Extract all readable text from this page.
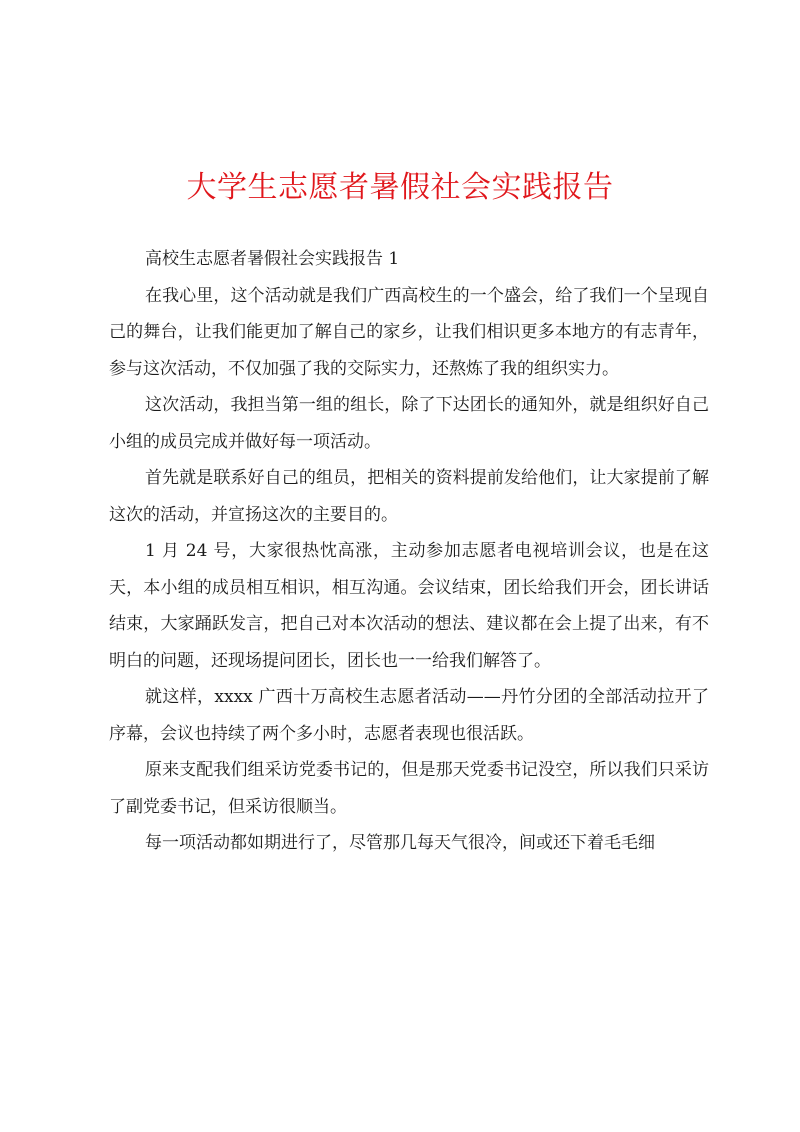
大学生志愿者暑假社会实践报告

高校生志愿者暑假社会实践报告 1

在我心里，这个活动就是我们广西高校生的一个盛会，给了我们一个呈现自己的舞台，让我们能更加了解自己的家乡，让我们相识更多本地方的有志青年，参与这次活动，不仅加强了我的交际实力，还熬炼了我的组织实力。

这次活动，我担当第一组的组长，除了下达团长的通知外，就是组织好自己小组的成员完成并做好每一项活动。

首先就是联系好自己的组员，把相关的资料提前发给他们，让大家提前了解这次的活动，并宣扬这次的主要目的。

1 月 24 号，大家很热忱高涨，主动参加志愿者电视培训会议，也是在这天，本小组的成员相互相识，相互沟通。会议结束，团长给我们开会，团长讲话结束，大家踊跃发言，把自己对本次活动的想法、建议都在会上提了出来，有不明白的问题，还现场提问团长，团长也一一给我们解答了。

就这样，xxxx 广西十万高校生志愿者活动——丹竹分团的全部活动拉开了序幕，会议也持续了两个多小时，志愿者表现也很活跃。

原来支配我们组采访党委书记的，但是那天党委书记没空，所以我们只采访了副党委书记，但采访很顺当。

每一项活动都如期进行了，尽管那几每天气很冷，间或还下着毛毛细
